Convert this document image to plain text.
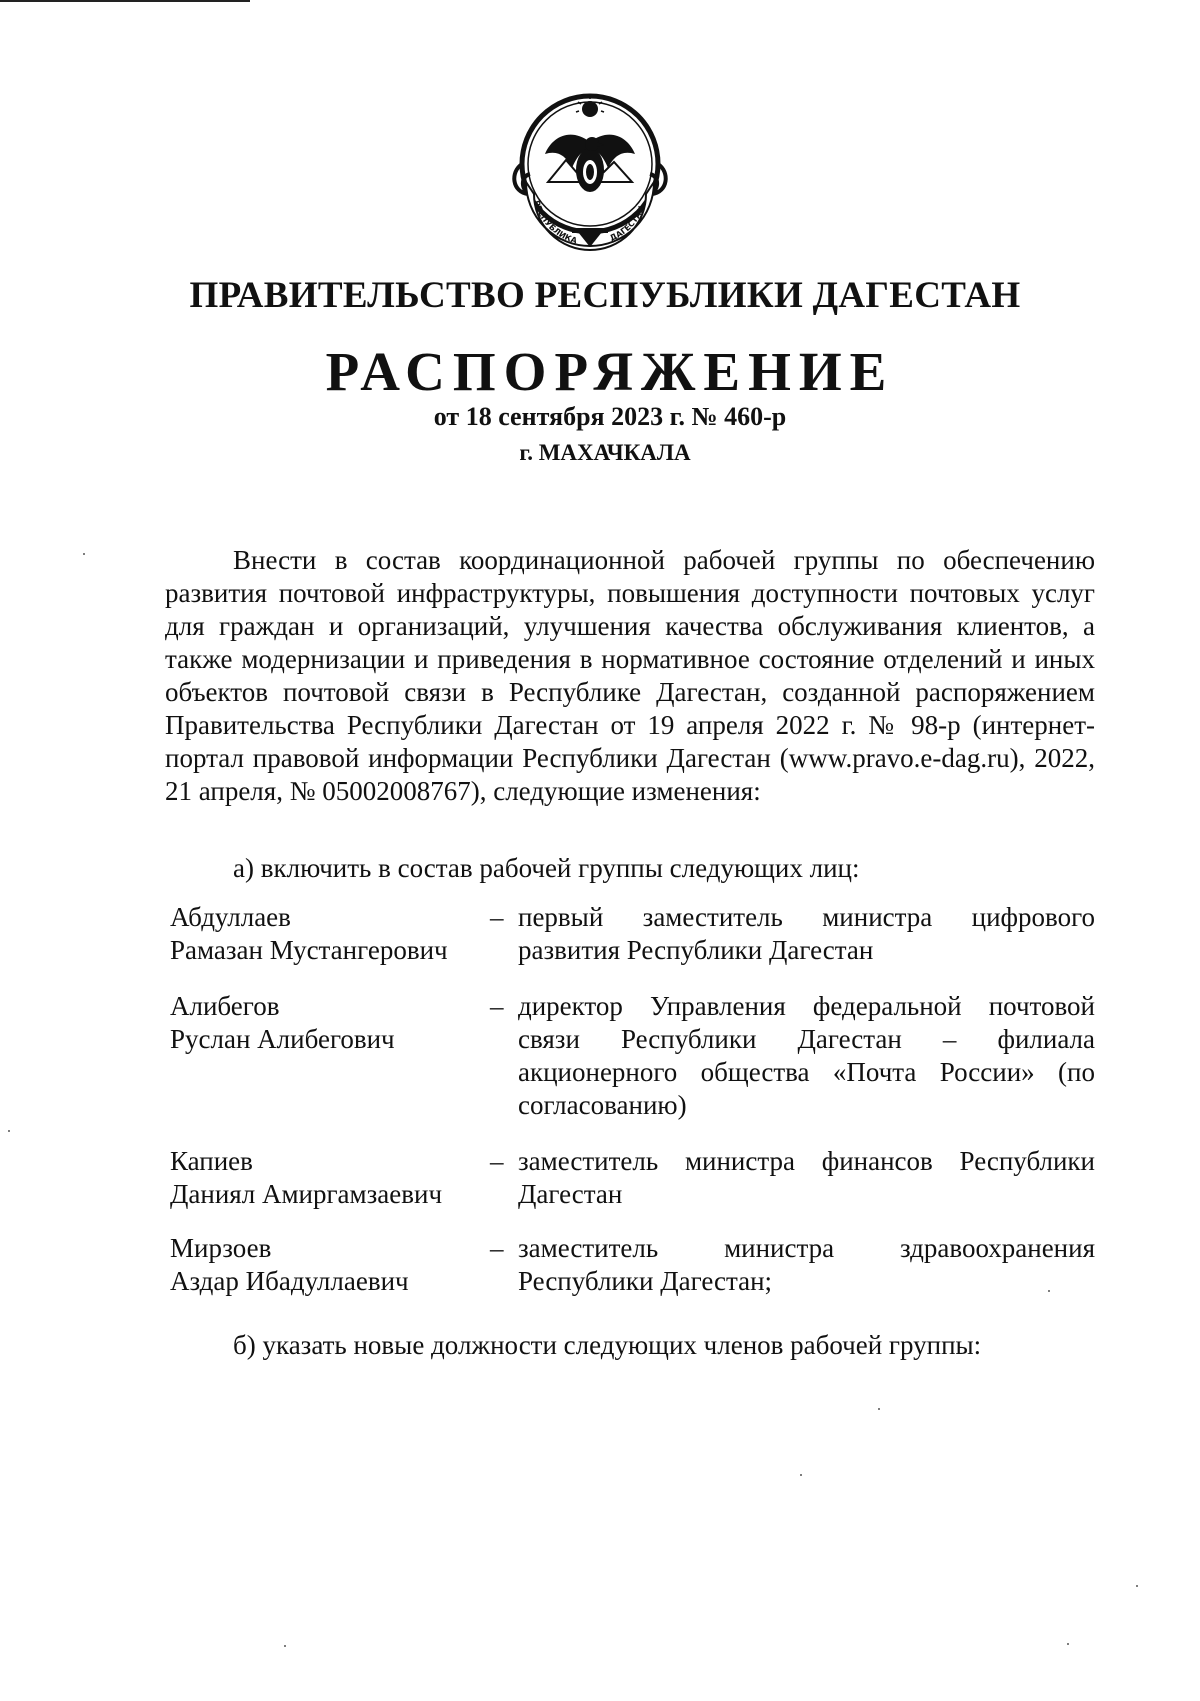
РЕСПУБЛИКА	ДАГЕСТАН
ПРАВИТЕЛЬСТВО РЕСПУБЛИКИ ДАГЕСТАН
РАСПОРЯЖЕНИЕ
от 18 сентября 2023 г. № 460-р
г. МАХАЧКАЛА
Внести в состав координационной рабочей группы по обеспечению развития почтовой инфраструктуры, повышения доступности почтовых услуг для граждан и организаций, улучшения качества обслуживания клиентов, а также модернизации и приведения в нормативное состояние отделений и иных объектов почтовой связи в Республике Дагестан, созданной распоряжением Правительства Республики Дагестан от 19 апреля 2022 г. № 98-р (интернет-портал правовой информации Республики Дагестан (www.pravo.e-dag.ru), 2022, 21 апреля, № 05002008767), следующие изменения:
а) включить в состав рабочей группы следующих лиц:
Абдуллаев
Рамазан Мустангерович
– первый заместитель министра цифрового развития Республики Дагестан
Алибегов
Руслан Алибегович
– директор Управления федеральной почтовой связи Республики Дагестан – филиала акционерного общества «Почта России» (по согласованию)
Капиев
Даниял Амиргамзаевич
– заместитель министра финансов Республики Дагестан
Мирзоев
Аздар Ибадуллаевич
– заместитель министра здравоохранения Республики Дагестан;
б) указать новые должности следующих членов рабочей группы:
